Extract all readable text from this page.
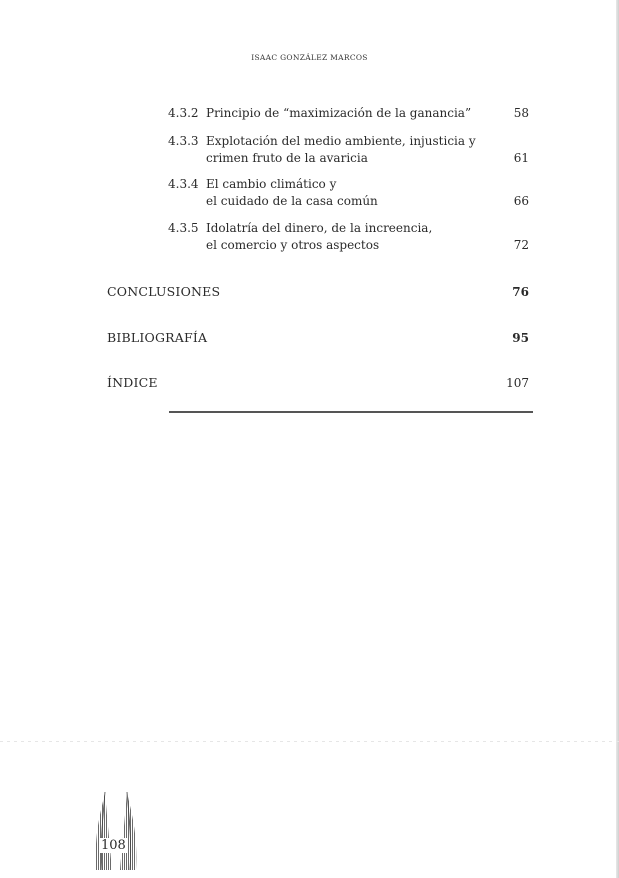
ISAAC GONZÁLEZ MARCOS
4.3.2 Principio de “maximización de la ganancia”	58
4.3.3 Explotación del medio ambiente, injusticia y
crimen fruto de la avaricia	61
4.3.4 El cambio climático y
el cuidado de la casa común	66
4.3.5 Idolatría del dinero, de la increencia,
el comercio y otros aspectos	72
CONCLUSIONES	76
BIBLIOGRAFÍA	95
ÍNDICE	107
108
